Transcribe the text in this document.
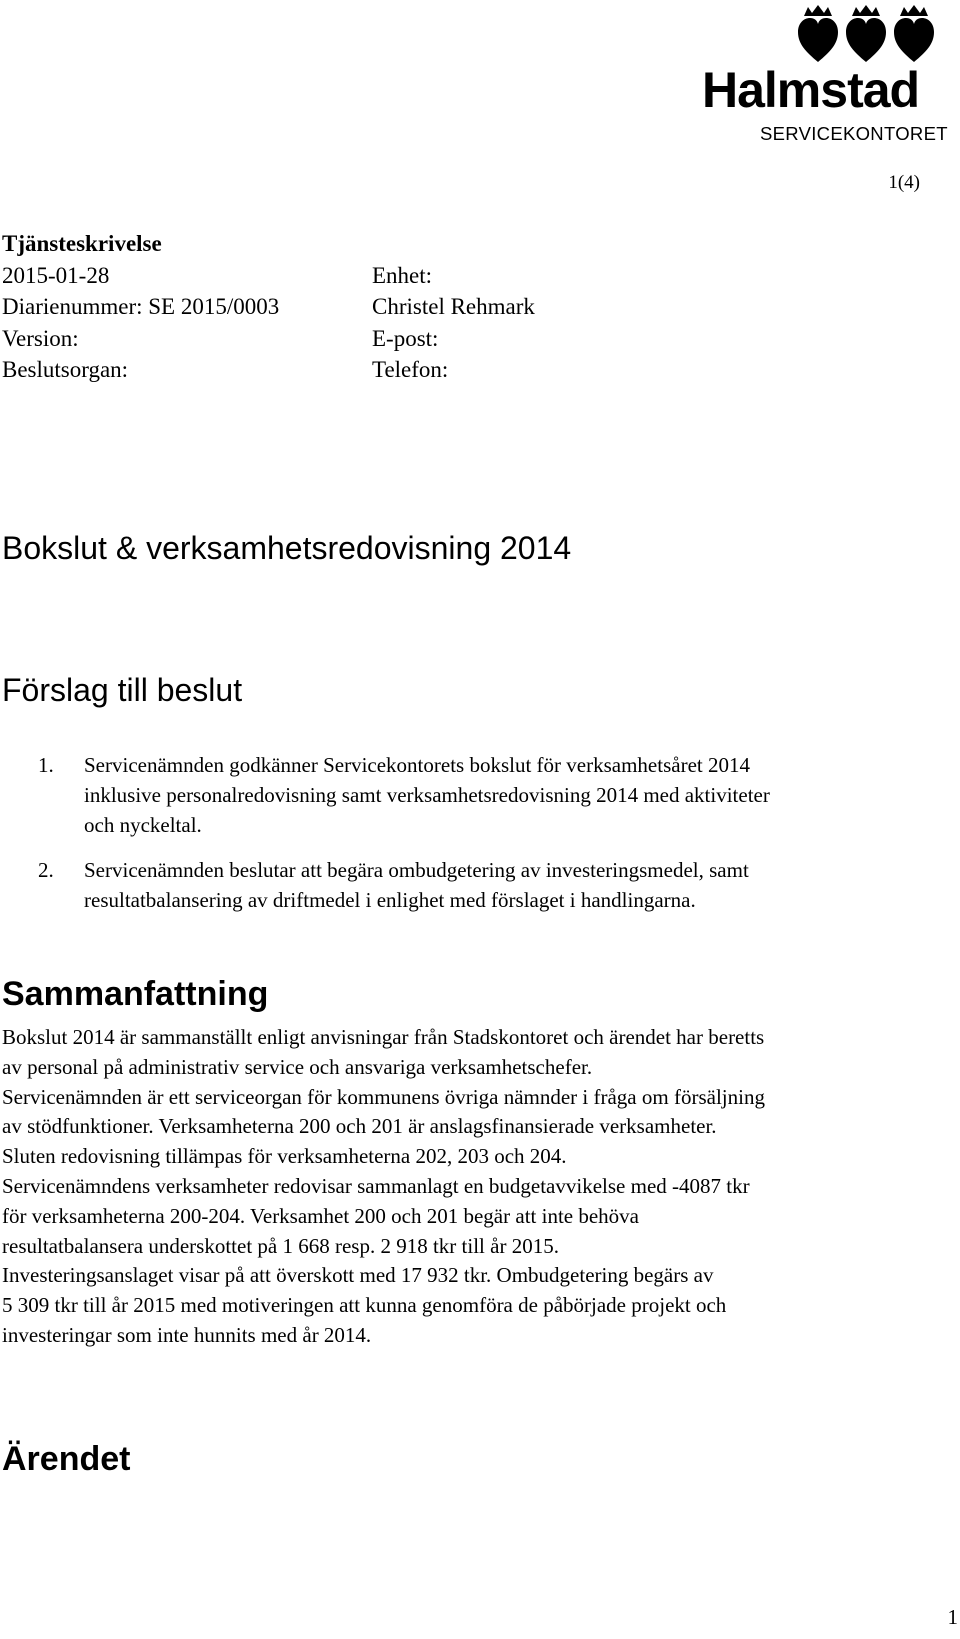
Halmstad
SERVICEKONTORET
1(4)
Tjänsteskrivelse
2015-01-28
Diarienummer: SE 2015/0003
Version:
Beslutsorgan:
Enhet:
Christel Rehmark
E-post:
Telefon:
Bokslut & verksamhetsredovisning 2014
Förslag till beslut
1.	Servicenämnden godkänner Servicekontorets bokslut för verksamhetsåret 2014
inklusive personalredovisning samt verksamhetsredovisning 2014 med aktiviteter
och nyckeltal.
2.	Servicenämnden beslutar att begära ombudgetering av investeringsmedel, samt
resultatbalansering av driftmedel i enlighet med förslaget i handlingarna.
Sammanfattning
Bokslut 2014 är sammanställt enligt anvisningar från Stadskontoret och ärendet har beretts
av personal på administrativ service och ansvariga verksamhetschefer.
Servicenämnden är ett serviceorgan för kommunens övriga nämnder i fråga om försäljning
av stödfunktioner. Verksamheterna 200 och 201 är anslagsfinansierade verksamheter.
Sluten redovisning tillämpas för verksamheterna 202, 203 och 204.
Servicenämndens verksamheter redovisar sammanlagt en budgetavvikelse med -4087 tkr
för verksamheterna 200-204. Verksamhet 200 och 201 begär att inte behöva
resultatbalansera underskottet på 1 668 resp. 2 918 tkr till år 2015.
Investeringsanslaget visar på att överskott med 17 932 tkr. Ombudgetering begärs av
5 309 tkr till år 2015 med motiveringen att kunna genomföra de påbörjade projekt och
investeringar som inte hunnits med år 2014.
Ärendet
1
